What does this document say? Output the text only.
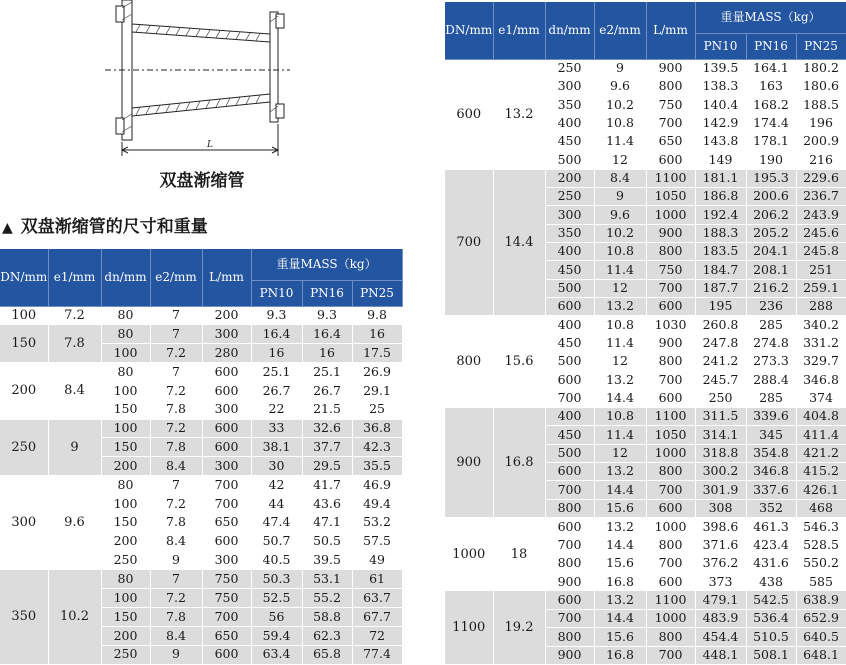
L
双盘渐缩管
▲ 双盘渐缩管的尺寸和重量
DN/mm	e1/mm	dn/mm	e2/mm	L/mm	重量MASS（kg）		
					PN10	PN16	PN25
100	7.2	80	7	200	9.3	9.3	9.8
150	7.8	80	7	300	16.4	16.4	16
		100	7.2	280	16	16	17.5
200	8.4	80	7	600	25.1	25.1	26.9
		100	7.2	600	26.7	26.7	29.1
		150	7.8	300	22	21.5	25
250	9	100	7.2	600	33	32.6	36.8
		150	7.8	600	38.1	37.7	42.3
		200	8.4	300	30	29.5	35.5
300	9.6	80	7	700	42	41.7	46.9
		100	7.2	700	44	43.6	49.4
		150	7.8	650	47.4	47.1	53.2
		200	8.4	600	50.7	50.5	57.5
		250	9	300	40.5	39.5	49
350	10.2	80	7	750	50.3	53.1	61
		100	7.2	750	52.5	55.2	63.7
		150	7.8	700	56	58.8	67.7
		200	8.4	650	59.4	62.3	72
		250	9	600	63.4	65.8	77.4
DN/mm	e1/mm	dn/mm	e2/mm	L/mm	重量MASS（kg）		
					PN10	PN16	PN25
600	13.2	250	9	900	139.5	164.1	180.2
		300	9.6	800	138.3	163	180.6
		350	10.2	750	140.4	168.2	188.5
		400	10.8	700	142.9	174.4	196
		450	11.4	650	143.8	178.1	200.9
		500	12	600	149	190	216
700	14.4	200	8.4	1100	181.1	195.3	229.6
		250	9	1050	186.8	200.6	236.7
		300	9.6	1000	192.4	206.2	243.9
		350	10.2	900	188.3	205.2	245.6
		400	10.8	800	183.5	204.1	245.8
		450	11.4	750	184.7	208.1	251
		500	12	700	187.7	216.2	259.1
		600	13.2	600	195	236	288
800	15.6	400	10.8	1030	260.8	285	340.2
		450	11.4	900	247.8	274.8	331.2
		500	12	800	241.2	273.3	329.7
		600	13.2	700	245.7	288.4	346.8
		700	14.4	600	250	285	374
900	16.8	400	10.8	1100	311.5	339.6	404.8
		450	11.4	1050	314.1	345	411.4
		500	12	1000	318.8	354.8	421.2
		600	13.2	800	300.2	346.8	415.2
		700	14.4	700	301.9	337.6	426.1
		800	15.6	600	308	352	468
1000	18	600	13.2	1000	398.6	461.3	546.3
		700	14.4	800	371.6	423.4	528.5
		800	15.6	700	376.2	431.6	550.2
		900	16.8	600	373	438	585
1100	19.2	600	13.2	1100	479.1	542.5	638.9
		700	14.4	1000	483.9	536.4	652.9
		800	15.6	800	454.4	510.5	640.5
		900	16.8	700	448.1	508.1	648.1
